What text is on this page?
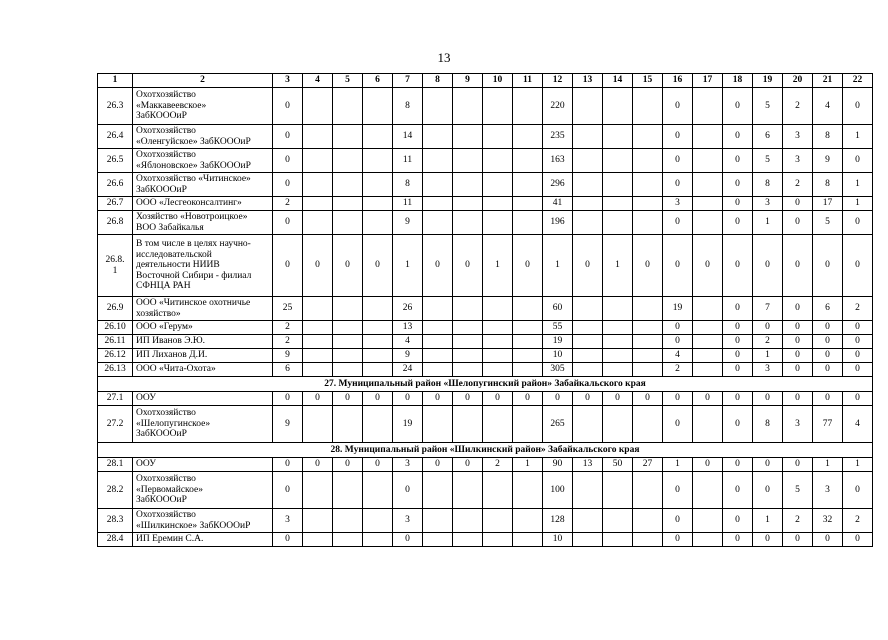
13
1	2	3	4	5	6	7	8	9	10	11	12	13	14	15	16	17	18	19	20	21	22
26.3	Охотхозяйство
«Маккавеевское»
ЗабКОООиР	0				8					220				0		0	5	2	4	0
26.4	Охотхозяйство
«Оленгуйское» ЗабКОООиР	0				14					235				0		0	6	3	8	1
26.5	Охотхозяйство
«Яблоновское» ЗабКОООиР	0				11					163				0		0	5	3	9	0
26.6	Охотхозяйство «Читинское»
ЗабКОООиР	0				8					296				0		0	8	2	8	1
26.7	ООО «Лесгеоконсалтинг»	2				11					41				3		0	3	0	17	1
26.8	Хозяйство «Новотроицкое»
ВОО Забайкалья	0				9					196				0		0	1	0	5	0
26.8.
1	В том числе в целях научно-
исследовательской
деятельности НИИВ
Восточной Сибири - филиал
СФНЦА РАН	0	0	0	0	1	0	0	1	0	1	0	1	0	0	0	0	0	0	0	0
26.9	ООО «Читинское охотничье
хозяйство»	25				26					60				19		0	7	0	6	2
26.10	ООО «Герум»	2				13					55				0		0	0	0	0	0
26.11	ИП Иванов Э.Ю.	2				4					19				0		0	2	0	0	0
26.12	ИП Лиханов Д.И.	9				9					10				4		0	1	0	0	0
26.13	ООО «Чита-Охота»	6				24					305				2		0	3	0	0	0
27. Муниципальный район «Шелопугинский район» Забайкальского края																					
27.1	ООУ	0	0	0	0	0	0	0	0	0	0	0	0	0	0	0	0	0	0	0	0
27.2	Охотхозяйство
«Шелопугинское»
ЗабКОООиР	9				19					265				0		0	8	3	77	4
28. Муниципальный район «Шилкинский район» Забайкальского края																					
28.1	ООУ	0	0	0	0	3	0	0	2	1	90	13	50	27	1	0	0	0	0	1	1
28.2	Охотхозяйство
«Первомайское»
ЗабКОООиР	0				0					100				0		0	0	5	3	0
28.3	Охотхозяйство
«Шилкинское» ЗабКОООиР	3				3					128				0		0	1	2	32	2
28.4	ИП Еремин С.А.	0				0					10				0		0	0	0	0	0
